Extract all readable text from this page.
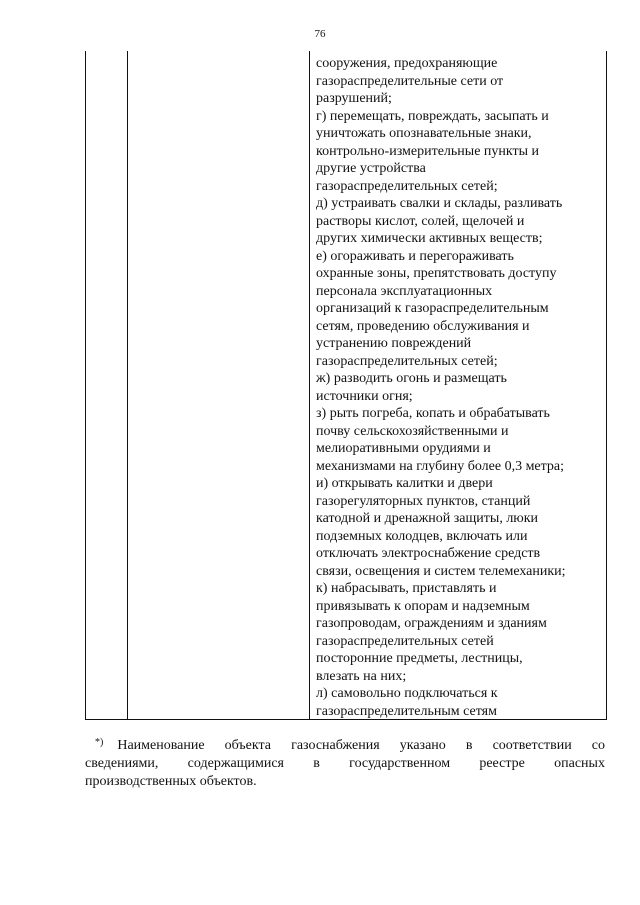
76
сооружения, предохраняющие
газораспределительные сети от
разрушений;
г) перемещать, повреждать, засыпать и
уничтожать опознавательные знаки,
контрольно-измерительные пункты и
другие устройства
газораспределительных сетей;
д) устраивать свалки и склады, разливать
растворы кислот, солей, щелочей и
других химически активных веществ;
е) огораживать и перегораживать
охранные зоны, препятствовать доступу
персонала эксплуатационных
организаций к газораспределительным
сетям, проведению обслуживания и
устранению повреждений
газораспределительных сетей;
ж) разводить огонь и размещать
источники огня;
з) рыть погреба, копать и обрабатывать
почву сельскохозяйственными и
мелиоративными орудиями и
механизмами на глубину более 0,3 метра;
и) открывать калитки и двери
газорегуляторных пунктов, станций
катодной и дренажной защиты, люки
подземных колодцев, включать или
отключать электроснабжение средств
связи, освещения и систем телемеханики;
к) набрасывать, приставлять и
привязывать к опорам и надземным
газопроводам, ограждениям и зданиям
газораспределительных сетей
посторонние предметы, лестницы,
влезать на них;
л) самовольно подключаться к
газораспределительным сетям
*) Наименование объекта газоснабжения указано в соответствии со
сведениями, содержащимися в государственном реестре опасных
производственных объектов.
